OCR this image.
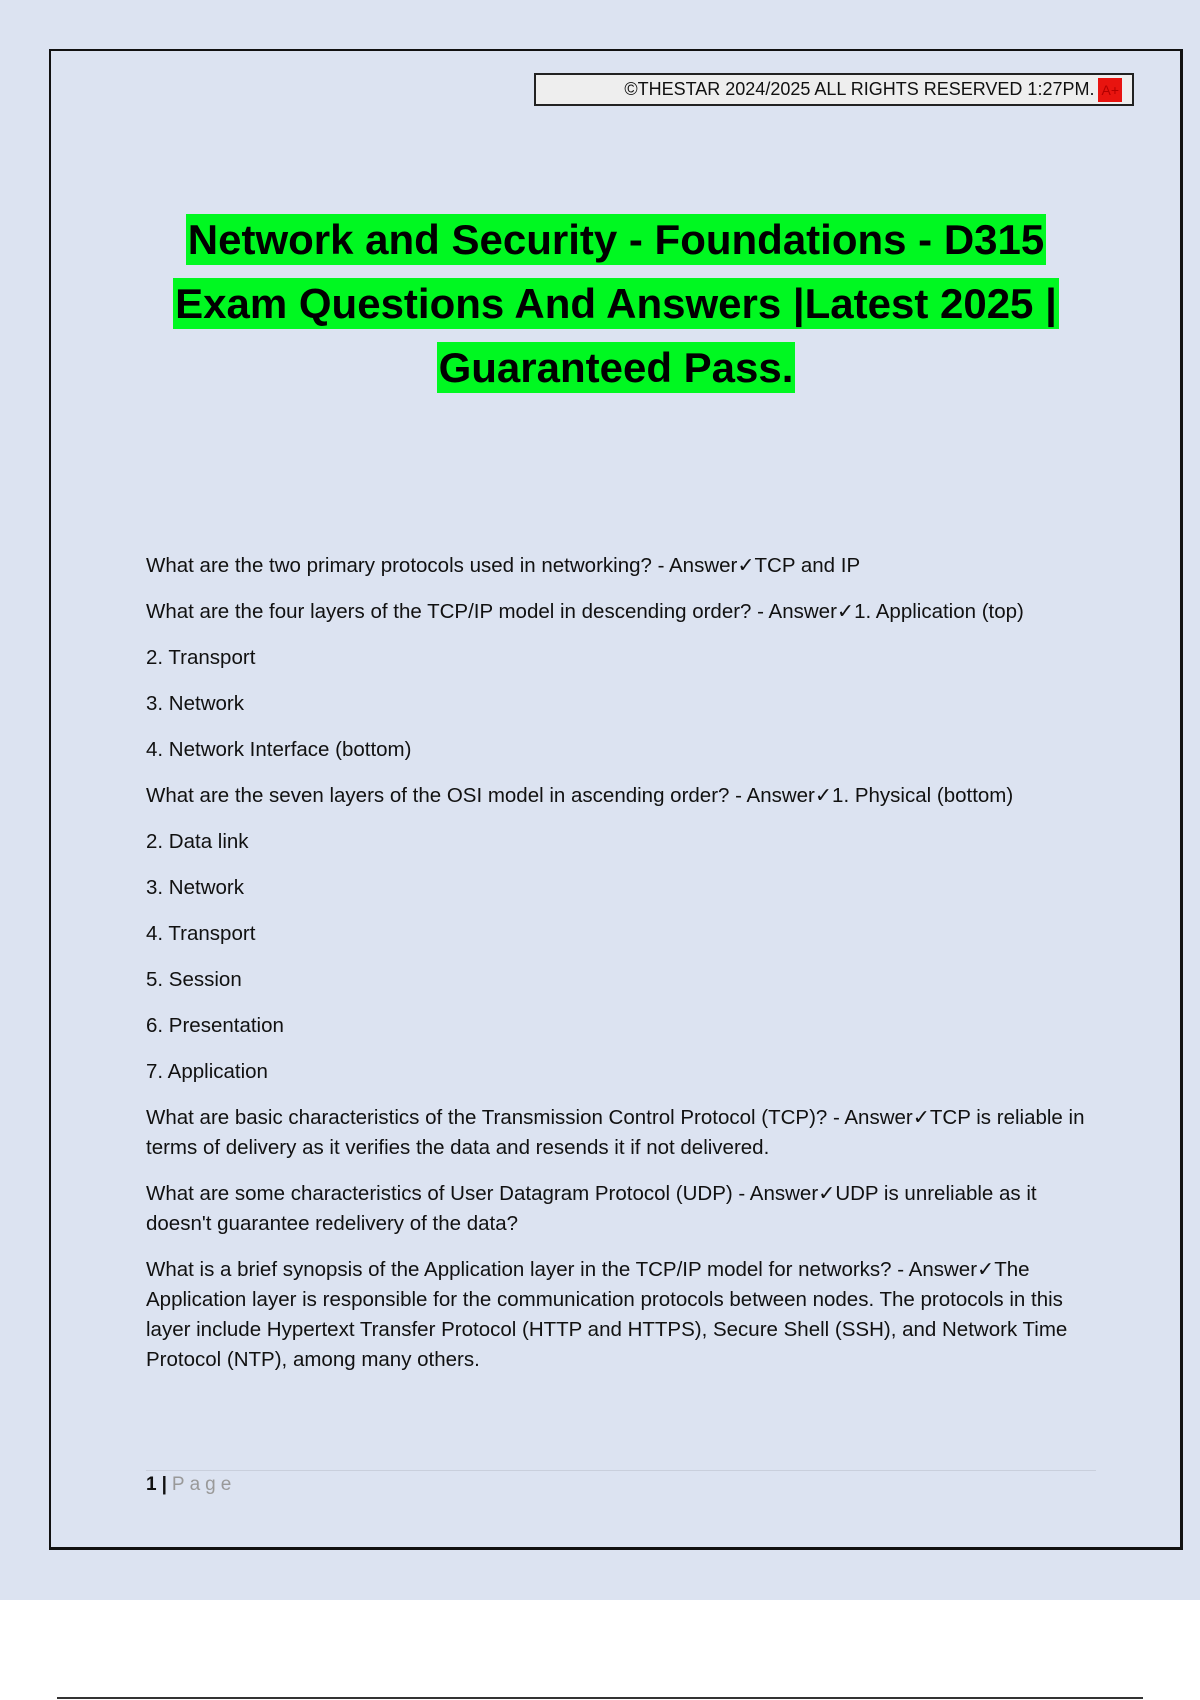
©THESTAR 2024/2025 ALL RIGHTS RESERVED 1:27PM. A+
Network and Security - Foundations - D315
Exam Questions And Answers |Latest 2025 |
Guaranteed Pass.

What are the two primary protocols used in networking? - Answer✓TCP and IP

What are the four layers of the TCP/IP model in descending order? - Answer✓1. Application (top)

2. Transport

3. Network

4. Network Interface (bottom)

What are the seven layers of the OSI model in ascending order? - Answer✓1. Physical (bottom)

2. Data link

3. Network

4. Transport

5. Session

6. Presentation

7. Application

What are basic characteristics of the Transmission Control Protocol (TCP)? - Answer✓TCP is reliable in terms of delivery as it verifies the data and resends it if not delivered.

What are some characteristics of User Datagram Protocol (UDP) - Answer✓UDP is unreliable as it doesn't guarantee redelivery of the data?

What is a brief synopsis of the Application layer in the TCP/IP model for networks? - Answer✓The Application layer is responsible for the communication protocols between nodes. The protocols in this layer include Hypertext Transfer Protocol (HTTP and HTTPS), Secure Shell (SSH), and Network Time Protocol (NTP), among many others.

1 | Page
